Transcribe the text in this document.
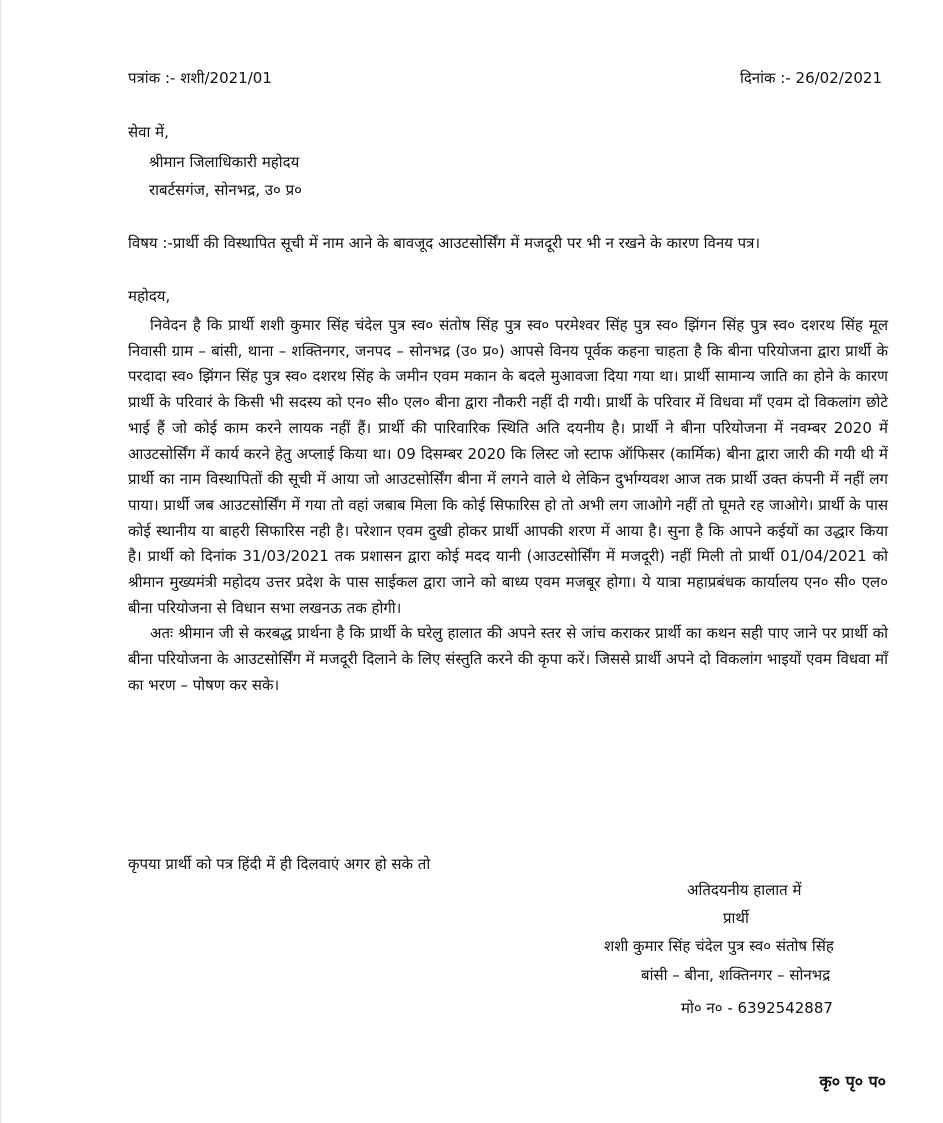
पत्रांक :- शशी/2021/01	दिनांक :- 26/02/2021
सेवा में,
श्रीमान जिलाधिकारी महोदय
राबर्टसगंज, सोनभद्र, उ० प्र०
विषय :-प्रार्थी की विस्थापित सूची में नाम आने के बावजूद आउटसोर्सिंग में मजदूरी पर भी न रखने के कारण विनय पत्र।
महोदय,

निवेदन है कि प्रार्थी शशी कुमार सिंह चंदेल पुत्र स्व० संतोष सिंह पुत्र स्व० परमेश्वर सिंह पुत्र स्व० झिंगन सिंह पुत्र स्व० दशरथ सिंह मूल निवासी ग्राम – बांसी, थाना – शक्तिनगर, जनपद – सोनभद्र (उ० प्र०) आपसे विनय पूर्वक कहना चाहता है कि बीना परियोजना द्वारा प्रार्थी के परदादा स्व० झिंगन सिंह पुत्र स्व० दशरथ सिंह के जमीन एवम मकान के बदले मुआवजा दिया गया था। प्रार्थी सामान्य जाति का होने के कारण प्रार्थी के परिवारं के किसी भी सदस्य को एन० सी० एल० बीना द्वारा नौकरी नहीं दी गयी। प्रार्थी के परिवार में विधवा माँ एवम दो विकलांग छोटे भाई हैं जो कोई काम करने लायक नहीं हैं। प्रार्थी की पारिवारिक स्थिति अति दयनीय है। प्रार्थी ने बीना परियोजना में नवम्बर 2020 में आउटसोर्सिंग में कार्य करने हेतु अप्लाई किया था। 09 दिसम्बर 2020 कि लिस्ट जो स्टाफ ऑफिसर (कार्मिक) बीना द्वारा जारी की गयी थी में प्रार्थी का नाम विस्थापितों की सूची में आया जो आउटसोर्सिंग बीना में लगने वाले थे लेकिन दुर्भाग्यवश आज तक प्रार्थी उक्त कंपनी में नहीं लग पाया। प्रार्थी जब आउटसोर्सिंग में गया तो वहां जबाब मिला कि कोई सिफारिस हो तो अभी लग जाओगे नहीं तो घूमते रह जाओगे। प्रार्थी के पास कोई स्थानीय या बाहरी सिफारिस नही है। परेशान एवम दुखी होकर प्रार्थी आपकी शरण में आया है। सुना है कि आपने कईयों का उद्धार किया है। प्रार्थी को दिनांक 31/03/2021 तक प्रशासन द्वारा कोई मदद यानी (आउटसोर्सिंग में मजदूरी) नहीं मिली तो प्रार्थी 01/04/2021 को श्रीमान मुख्यमंत्री महोदय उत्तर प्रदेश के पास साईकल द्वारा जाने को बाध्य एवम मजबूर होगा। ये यात्रा महाप्रबंधक कार्यालय एन० सी० एल० बीना परियोजना से विधान सभा लखनऊ तक होगी।

अतः श्रीमान जी से करबद्ध प्रार्थना है कि प्रार्थी के घरेलु हालात की अपने स्तर से जांच कराकर प्रार्थी का कथन सही पाए जाने पर प्रार्थी को बीना परियोजना के आउटसोर्सिंग में मजदूरी दिलाने के लिए संस्तुति करने की कृपा करें। जिससे प्रार्थी अपने दो विकलांग भाइयों एवम विधवा माँ का भरण – पोषण कर सके।

कृपया प्रार्थी को पत्र हिंदी में ही दिलवाएं अगर हो सके तो
अतिदयनीय हालात में
प्रार्थी
शशी कुमार सिंह चंदेल पुत्र स्व० संतोष सिंह
बांसी – बीना, शक्तिनगर – सोनभद्र
मो० न० - 6392542887
कृ० पृ० प०
